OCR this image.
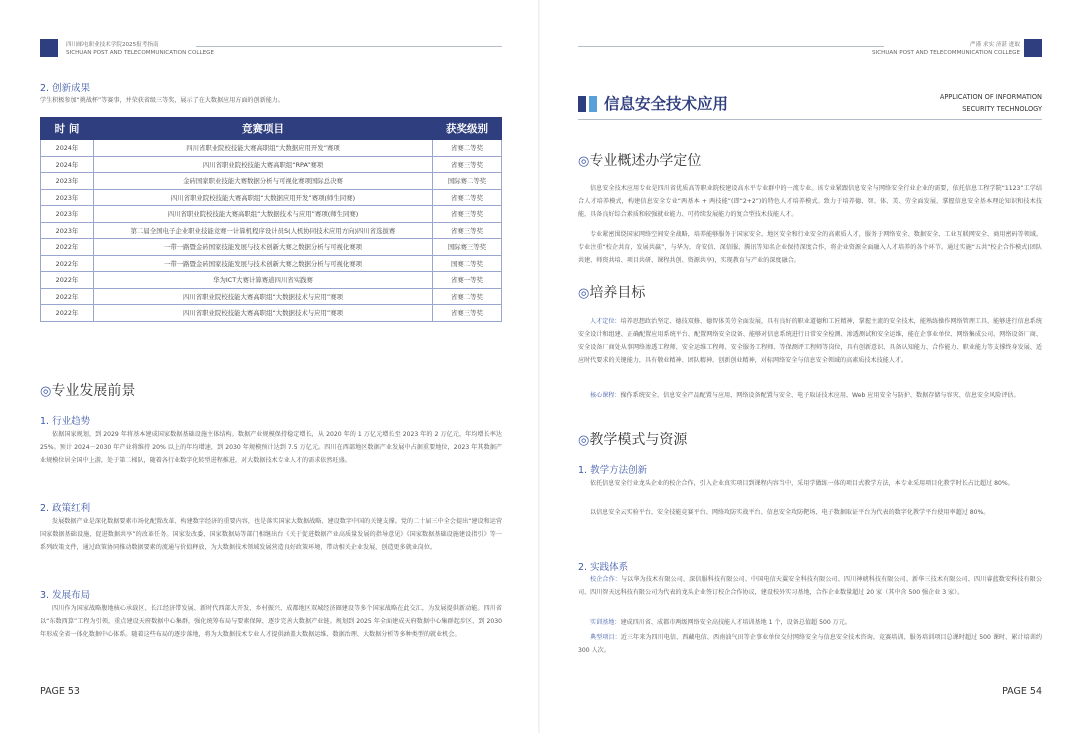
四川邮电职业技术学院2025报考指南
SICHUAN POST AND TELECOMMUNICATION COLLEGE
2. 创新成果
学生积极参加“挑战杯”等赛事，并荣获省级三等奖，展示了在大数据应用方面的创新能力。
时 间	竞赛项目	获奖级别
2024年	四川省职业院校技能大赛高职组“大数据应用开发”赛项	省赛二等奖
2024年	四川省职业院校技能大赛高职组“RPA”赛项	省赛三等奖
2023年	金砖国家职业技能大赛数据分析与可视化赛项国际总决赛	国际赛二等奖
2023年	四川省职业院校技能大赛高职组“大数据应用开发”赛项(师生同赛)	省赛二等奖
2023年	四川省职业院校技能大赛高职组“大数据技术与应用”赛项(师生同赛)	省赛三等奖
2023年	第二届全国电子企业职业技能竞赛一计算机程序设计员S(人机协同技术应用方向)四川省选拔赛	省赛三等奖
2022年	一带一路暨金砖国家技能发展与技术创新大赛之数据分析与可视化赛项	国际赛三等奖
2022年	一带一路暨金砖国家技能发展与技术创新大赛之数据分析与可视化赛项	国赛二等奖
2022年	华为ICT大赛计算赛道四川省实践赛	省赛一等奖
2022年	四川省职业院校技能大赛高职组“大数据技术与应用”赛项	省赛二等奖
2022年	四川省职业院校技能大赛高职组“大数据技术与应用”赛项	省赛三等奖
◎专业发展前景
1. 行业趋势
依据国家规划，到 2029 年将基本建成国家数据基础设施主体结构。数据产业规模保持稳定增长，从 2020 年的 1 万亿元增长至 2023 年的 2 万亿元，年均增长率达 25%。预计 2024－2030 年产业将维持 20% 以上的年均增速，到 2030 年规模预计达到 7.5 万亿元。四川在西部地区数据产业发展中占据重要地位，2023 年其数据产业规模位居全国中上游，处于第二梯队，随着各行业数字化转型进程推进，对大数据技术专业人才的需求依然旺盛。
2. 政策红利
发展数据产业是深化数据要素市场化配置改革、构建数字经济的重要内容，也是落实国家大数据战略、建设数字中国的关键支撑。党的二十届三中全会提出“建设和运营国家数据基础设施，促进数据共享”的改革任务。国家发改委、国家数据局等部门相继出台《关于促进数据产业高质量发展的指导意见》《国家数据基础设施建设指引》等一系列政策文件，通过政策协同推动数据要素的流通与价值释放，为大数据技术领域发展营造良好政策环境，带动相关企业发展，创造更多就业岗位。
3. 发展布局
四川作为国家战略腹地核心承载区、长江经济带发展、新时代西部大开发、乡村振兴、成都地区双城经济圈建设等多个国家战略在此交汇，为发展提供新动能。四川省以“东数西算”工程为引领，重点建设天府数据中心集群，强化统筹布局与要素保障，逐步完善大数据产业链。规划到 2025 年全面建成天府数据中心集群起步区，到 2030 年形成全省一体化数据中心体系。随着这些布局的逐步落地，将为大数据技术专业人才提供涵盖大数据运维、数据治理、大数据分析等多种类型的就业机会。
PAGE 53
严谨 求实 济湛 进取
SICHUAN POST AND TELECOMMUNICATION COLLEGE
信息安全技术应用	APPLICATION OF INFORMATION
SECURITY TECHNOLOGY
◎专业概述办学定位
信息安全技术应用专业是四川省优质高等职业院校建设高水平专业群中的一流专业。该专业紧跟信息安全与网络安全行业企业的需要，依托信息工程学院“1123”工学结合人才培养模式，构建信息安全专业“两基本 + 两技能”(即“2+2”)的特色人才培养模式。致力于培养德、智、体、美、劳全面发展，掌握信息安全基本理论知识和技术技能，具备良好综合素质和较强就业能力、可持续发展能力的复合型技术技能人才。
专业紧密围绕国家网络空间安全战略，培养能够服务于国家安全、地区安全和行业安全的高素质人才，服务于网络安全、数据安全、工业互联网安全、商用密码等领域。专业注重“校企共育，发展共赢”，与华为、奇安信、深信服、腾讯等知名企业保持深度合作，将企业资源全面融入人才培养的各个环节。通过实施“五共”校企合作模式(团队共建、师资共培、项目共研、课程共创、资源共享)，实现教育与产业的深度融合。
◎培养目标
人才定位：培养思想政治坚定、德技双修、德智体美劳全面发展，具有良好的职业道德和工匠精神，掌握主流的安全技术，能熟练操作网络管理工具、能够进行信息系统安全设计和组建、正确配置应用系统平台、配置网络安全设备、能够对信息系统进行日常安全检测、渗透测试和安全运维，能在企事业单位、网络集成公司、网络设备厂商、安全设备厂商处从事网络渗透工程师、安全运维工程师、安全服务工程师、等保测评工程师等岗位，具有创新意识、具备认知能力、合作能力、职业能力等支撑终身发展、适应时代要求的关键能力，具有敬业精神、团队精神、创新创业精神，对标网络安全与信息安全领域的高素质技术技能人才。
核心课程：操作系统安全、信息安全产品配置与应用、网络设备配置与安全、电子取证技术应用、Web 应用安全与防护、数据存储与容灾、信息安全风险评估。
◎教学模式与资源
1. 教学方法创新
依托信息安全行业龙头企业的校企合作，引入企业真实项目到课程内容当中，采用学做练一体的项目式教学方法，本专业采用项目化教学时长占比超过 80%。
以信息安全云实验平台、安全技能竞赛平台、网络攻防实战平台、信息安全攻防靶场、电子数据取证平台为代表的数字化教学平台使用率超过 80%。
2. 实践体系
校企合作：与以华为技术有限公司、深信服科技有限公司、中国电信天翼安全科技有限公司、四川神琥科技有限公司、新华三技术有限公司、四川睿蓝数安科技有限公司、四川智天远科技有限公司为代表的龙头企业签订校企合作协议，建设校外实习基地，合作企业数量超过 20 家（其中含 500 强企业 3 家）。
实训基地：建成四川省、成都市两级网络安全高技能人才培训基地 1 个，设备总值超 500 万元。
典型项目：近三年来为四川电信、西藏电信、西南油气田等企事业单位交付网络安全与信息安全技术咨询、竞赛培训、服务培训项目总课时超过 500 课时，累计培训约 300 人次。
PAGE 54
